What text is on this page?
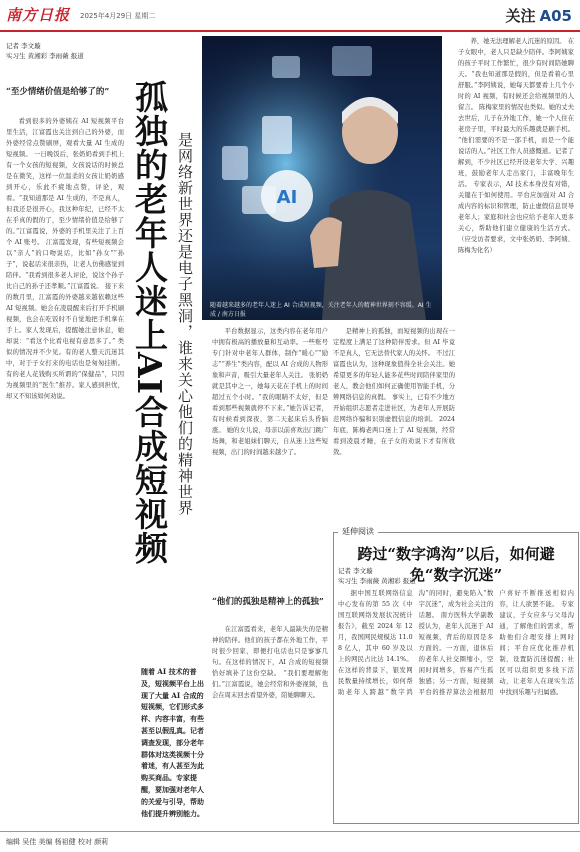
南方日报 2025年4月29日 星期二	关注 A05
记者 李文璇
实习生 黄湘彩 李雨薇 报道
“至少情绪价值是给够了的”

看到很多的外婆姨在 AI 短视频平台里生活，江富霞也关注到自己的外婆，而外婆经常点赞刷屏，观看大量 AI 生成的短视频。 一日晚饭后，张奶奶看到手机上有一个女孩的短视频，女孩说话的时候总是在微笑，这样一位温柔的女孩让奶奶感到开心，乐此不疲地点赞，评论，观看。“我知道那是 AI 生成的，不是真人，但我还是很开心，我这种年纪，已经不太在乎真的假的了，至少情绪价值是给够了的。”江富霞说，外婆的手机里关注了上百个 AI 账号。 江富霞发现，有些短视频会以“亲人”的口吻说话，比如“孙女”“孙子”，说起话来很亲热，让老人仿佛感觉到陪伴。“我看到很多老人评论，说这个孙子比自己的孙子还孝顺。”江富霞说。 接下来的数月里，江富霞的外婆越来越依赖这些 AI 短视频。她会在凌晨醒来后打开手机刷视频，也会在吃饭时不自觉地把手机拿在手上。家人发现后，提醒她注意休息，她却说：“看这个比看电视有意思多了。” 类似的情况并不少见。有的老人整天沉迷其中，对于子女打来的电话也是匆匆挂断。有的老人花钱购买所谓的“保健品”，只因为视频里的“医生”推荐。家人感到担忧，却又不知该如何劝说。	孤独的老年人迷上AI合成短视频 是网络新世界还是电子黑洞，谁来关心他们的精神世界	AI
随着越来越多的老年人迷上 AI 合成短视频，关注老年人的精神世界刻不容缓。AI 生成 / 南方日报

平台数据显示，这类内容在老年用户中拥有极高的播放量和互动率。一些账号专门针对中老年人群体，制作“暖心”“励志”“养生”类内容，配以 AI 合成的人物形象和声音，吸引大量老年人关注。 张奶奶就是其中之一，她每天花在手机上的时间超过五个小时。“我的眼睛不太好，但是看到那些视频就停不下来。”她告诉记者，有时候看到深夜，第二天起床后头昏脑涨。 她的女儿说，母亲以前喜欢出门跳广场舞，和老姐妹们聊天，自从迷上这些短视频，出门的时间越来越少了。

“他们的孤独是精神上的孤独”

在江富霞看来，老年人最缺失的是精神的陪伴。他们的孩子都在外地工作，平时很少回家，即便打电话也只是寥寥几句。在这样的情况下，AI 合成的短视频恰好填补了这份空缺。 “我们要理解他们。”江富霞说，她会经常和外婆视频，也会在周末回去看望外婆，陪她聊聊天。

随着 AI 技术的普及，短视频平台上出现了大量 AI 合成的短视频，它们形式多样、内容丰富，有些甚至以假乱真。记者调查发现，部分老年群体对这类视频十分着迷，有人甚至为此购买商品。专家提醒，要加强对老年人的关爱与引导，帮助他们提升辨别能力。

是精神上的孤独，而短视频的出现在一定程度上满足了这种陪伴需求。但 AI 毕竟不是真人，它无法替代家人的关怀。 不过江富霞也认为，这种现象值得全社会关注。她希望更多的年轻人能多花些时间陪伴家里的老人，教会他们如何正确使用智能手机，分辨网络信息的真假。 事实上，已有不少地方开始组织志愿者走进社区，为老年人开展防范网络诈骗和识别虚假信息的培训。 2024 年底，陈梅老两口迷上了 AI 短视频，经常看到凌晨才睡，在子女的劝说下才有所收敛。

养，她无法理解老人沉迷的原因。 在子女眼中，老人只是缺少陪伴。李阿姨家的孩子平时工作繁忙，很少有时间陪她聊天。“我也知道那是假的，但是看着心里舒服。”李阿姨说，她每天都要看上几个小时的 AI 视频，有时候还会给视频里的人留言。 陈梅家里的情况也类似。她的丈夫去世后，儿子在外地工作，她一个人住在老房子里，平时最大的乐趣就是刷手机。 “他们需要的不是一部手机，而是一个能说话的人。”社区工作人员感慨道。记者了解到，不少社区已经开设老年大学、兴趣班，鼓励老年人走出家门，丰富晚年生活。 专家表示，AI 技术本身没有对错，关键在于如何使用。平台应加强对 AI 合成内容的标识和管理，防止虚假信息误导老年人；家庭和社会也应给予老年人更多关心，帮助他们建立健康的生活方式。 （应受访者要求，文中张奶奶、李阿姨、陈梅为化名）

延伸阅读
跨过“数字鸿沟”以后，如何避免“数字沉迷”
记者 李文璇
实习生 李雨薇 黄湘彩 报道

据中国互联网络信息中心发布的第 55 次《中国互联网络发展状况统计报告》，截至 2024 年 12 月，我国网民规模达 11.08 亿人，其中 60 岁及以上的网民占比达 14.1%。在这样的背景下，银发网民数量持续增长，如何帮助老年人跨越“数字鸿沟”的同时，避免陷入“数字沉迷”，成为社会关注的话题。 南方医科大学副教授认为，老年人沉迷于 AI 短视频，背后的原因是多方面的。一方面，退休后的老年人社交圈缩小，空闲时间增多，容易产生孤独感；另一方面，短视频平台的推荐算法会根据用户喜好不断推送相似内容，让人欲罢不能。 专家建议，子女应多与父母沟通，了解他们的需求，帮助他们合理安排上网时间；平台应优化推荐机制，设置防沉迷提醒；社区可以组织更多线下活动，让老年人在现实生活中找到乐趣与归属感。

编辑 吴佳 美编 杨祖健 校对 颜莉
